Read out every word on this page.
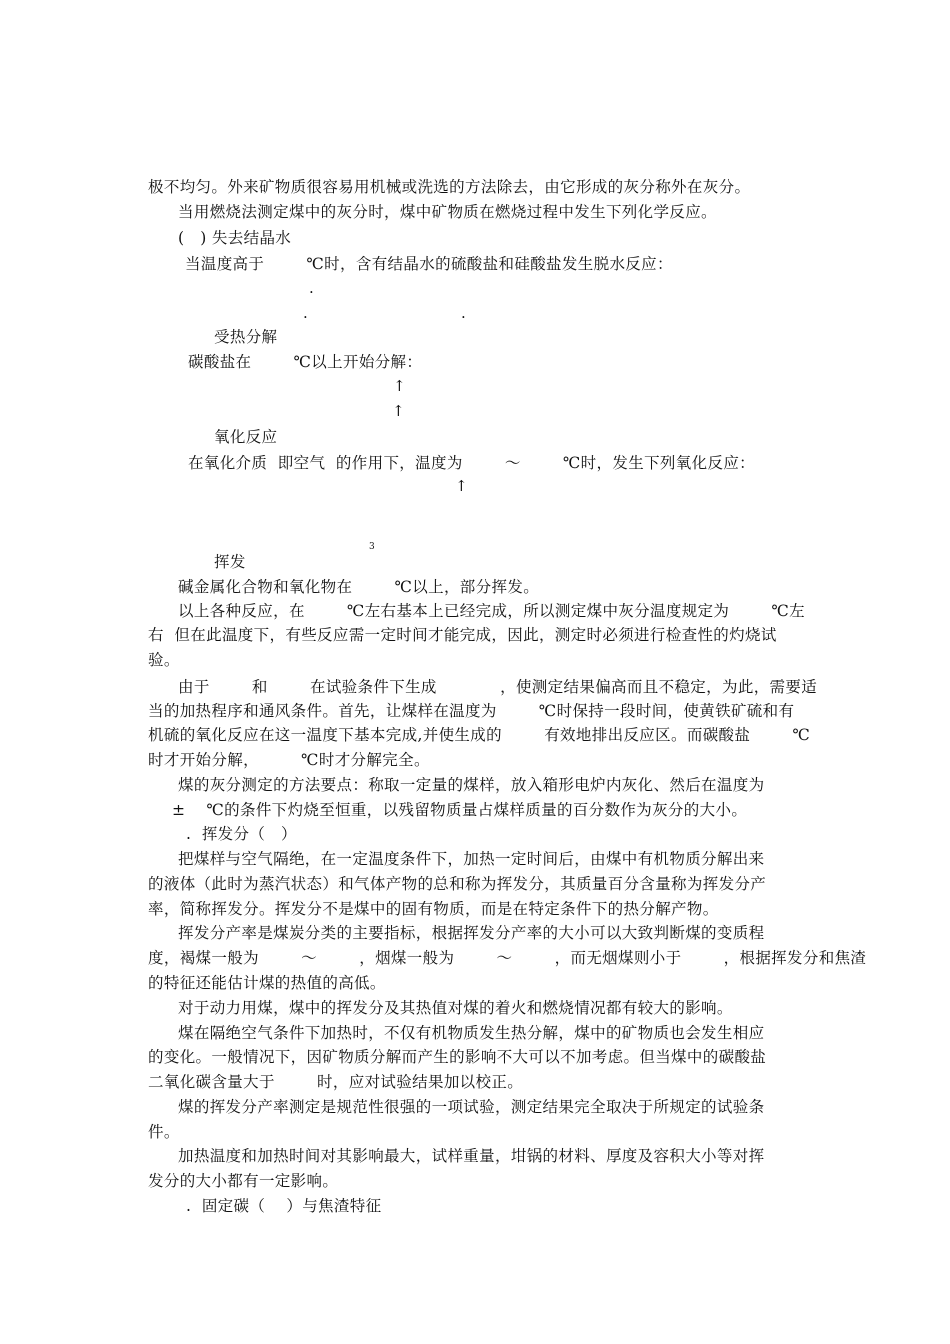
极不均匀。外来矿物质很容易用机械或洗选的方法除去，由它形成的灰分称外在灰分。
当用燃烧法测定煤中的灰分时，煤中矿物质在燃烧过程中发生下列化学反应。
(   ) 失去结晶水
当温度高于        ℃时，含有结晶水的硫酸盐和硅酸盐发生脱水反应：
.
.	.
受热分解
碳酸盐在        ℃以上开始分解：
↑
↑
氧化反应
在氧化介质  即空气  的作用下，温度为        ～        ℃时，发生下列氧化反应：
↑
3
挥发
碱金属化合物和氧化物在        ℃以上，部分挥发。
以上各种反应，在        ℃左右基本上已经完成，所以测定煤中灰分温度规定为        ℃左
右  但在此温度下，有些反应需一定时间才能完成，因此，测定时必须进行检查性的灼烧试
验。
由于        和        在试验条件下生成            ，使测定结果偏高而且不稳定，为此，需要适
当的加热程序和通风条件。首先，让煤样在温度为        ℃时保持一段时间，使黄铁矿硫和有
机硫的氧化反应在这一温度下基本完成,并使生成的        有效地排出反应区。而碳酸盐        ℃
时才开始分解，        ℃时才分解完全。
煤的灰分测定的方法要点：称取一定量的煤样，放入箱形电炉内灰化、然后在温度为
±    ℃的条件下灼烧至恒重，以残留物质量占煤样质量的百分数作为灰分的大小。
.  挥发分（   ）
把煤样与空气隔绝，在一定温度条件下，加热一定时间后，由煤中有机物质分解出来
的液体（此时为蒸汽状态）和气体产物的总和称为挥发分，其质量百分含量称为挥发分产
率，简称挥发分。挥发分不是煤中的固有物质，而是在特定条件下的热分解产物。
挥发分产率是煤炭分类的主要指标，根据挥发分产率的大小可以大致判断煤的变质程
度，褐煤一般为        ～        ，烟煤一般为        ～        ，而无烟煤则小于        ，根据挥发分和焦渣
的特征还能估计煤的热值的高低。
对于动力用煤，煤中的挥发分及其热值对煤的着火和燃烧情况都有较大的影响。
煤在隔绝空气条件下加热时，不仅有机物质发生热分解，煤中的矿物质也会发生相应
的变化。一般情况下，因矿物质分解而产生的影响不大可以不加考虑。但当煤中的碳酸盐
二氧化碳含量大于        时，应对试验结果加以校正。
煤的挥发分产率测定是规范性很强的一项试验，测定结果完全取决于所规定的试验条
件。
加热温度和加热时间对其影响最大，试样重量，坩锅的材料、厚度及容积大小等对挥
发分的大小都有一定影响。
.  固定碳（    ）与焦渣特征
